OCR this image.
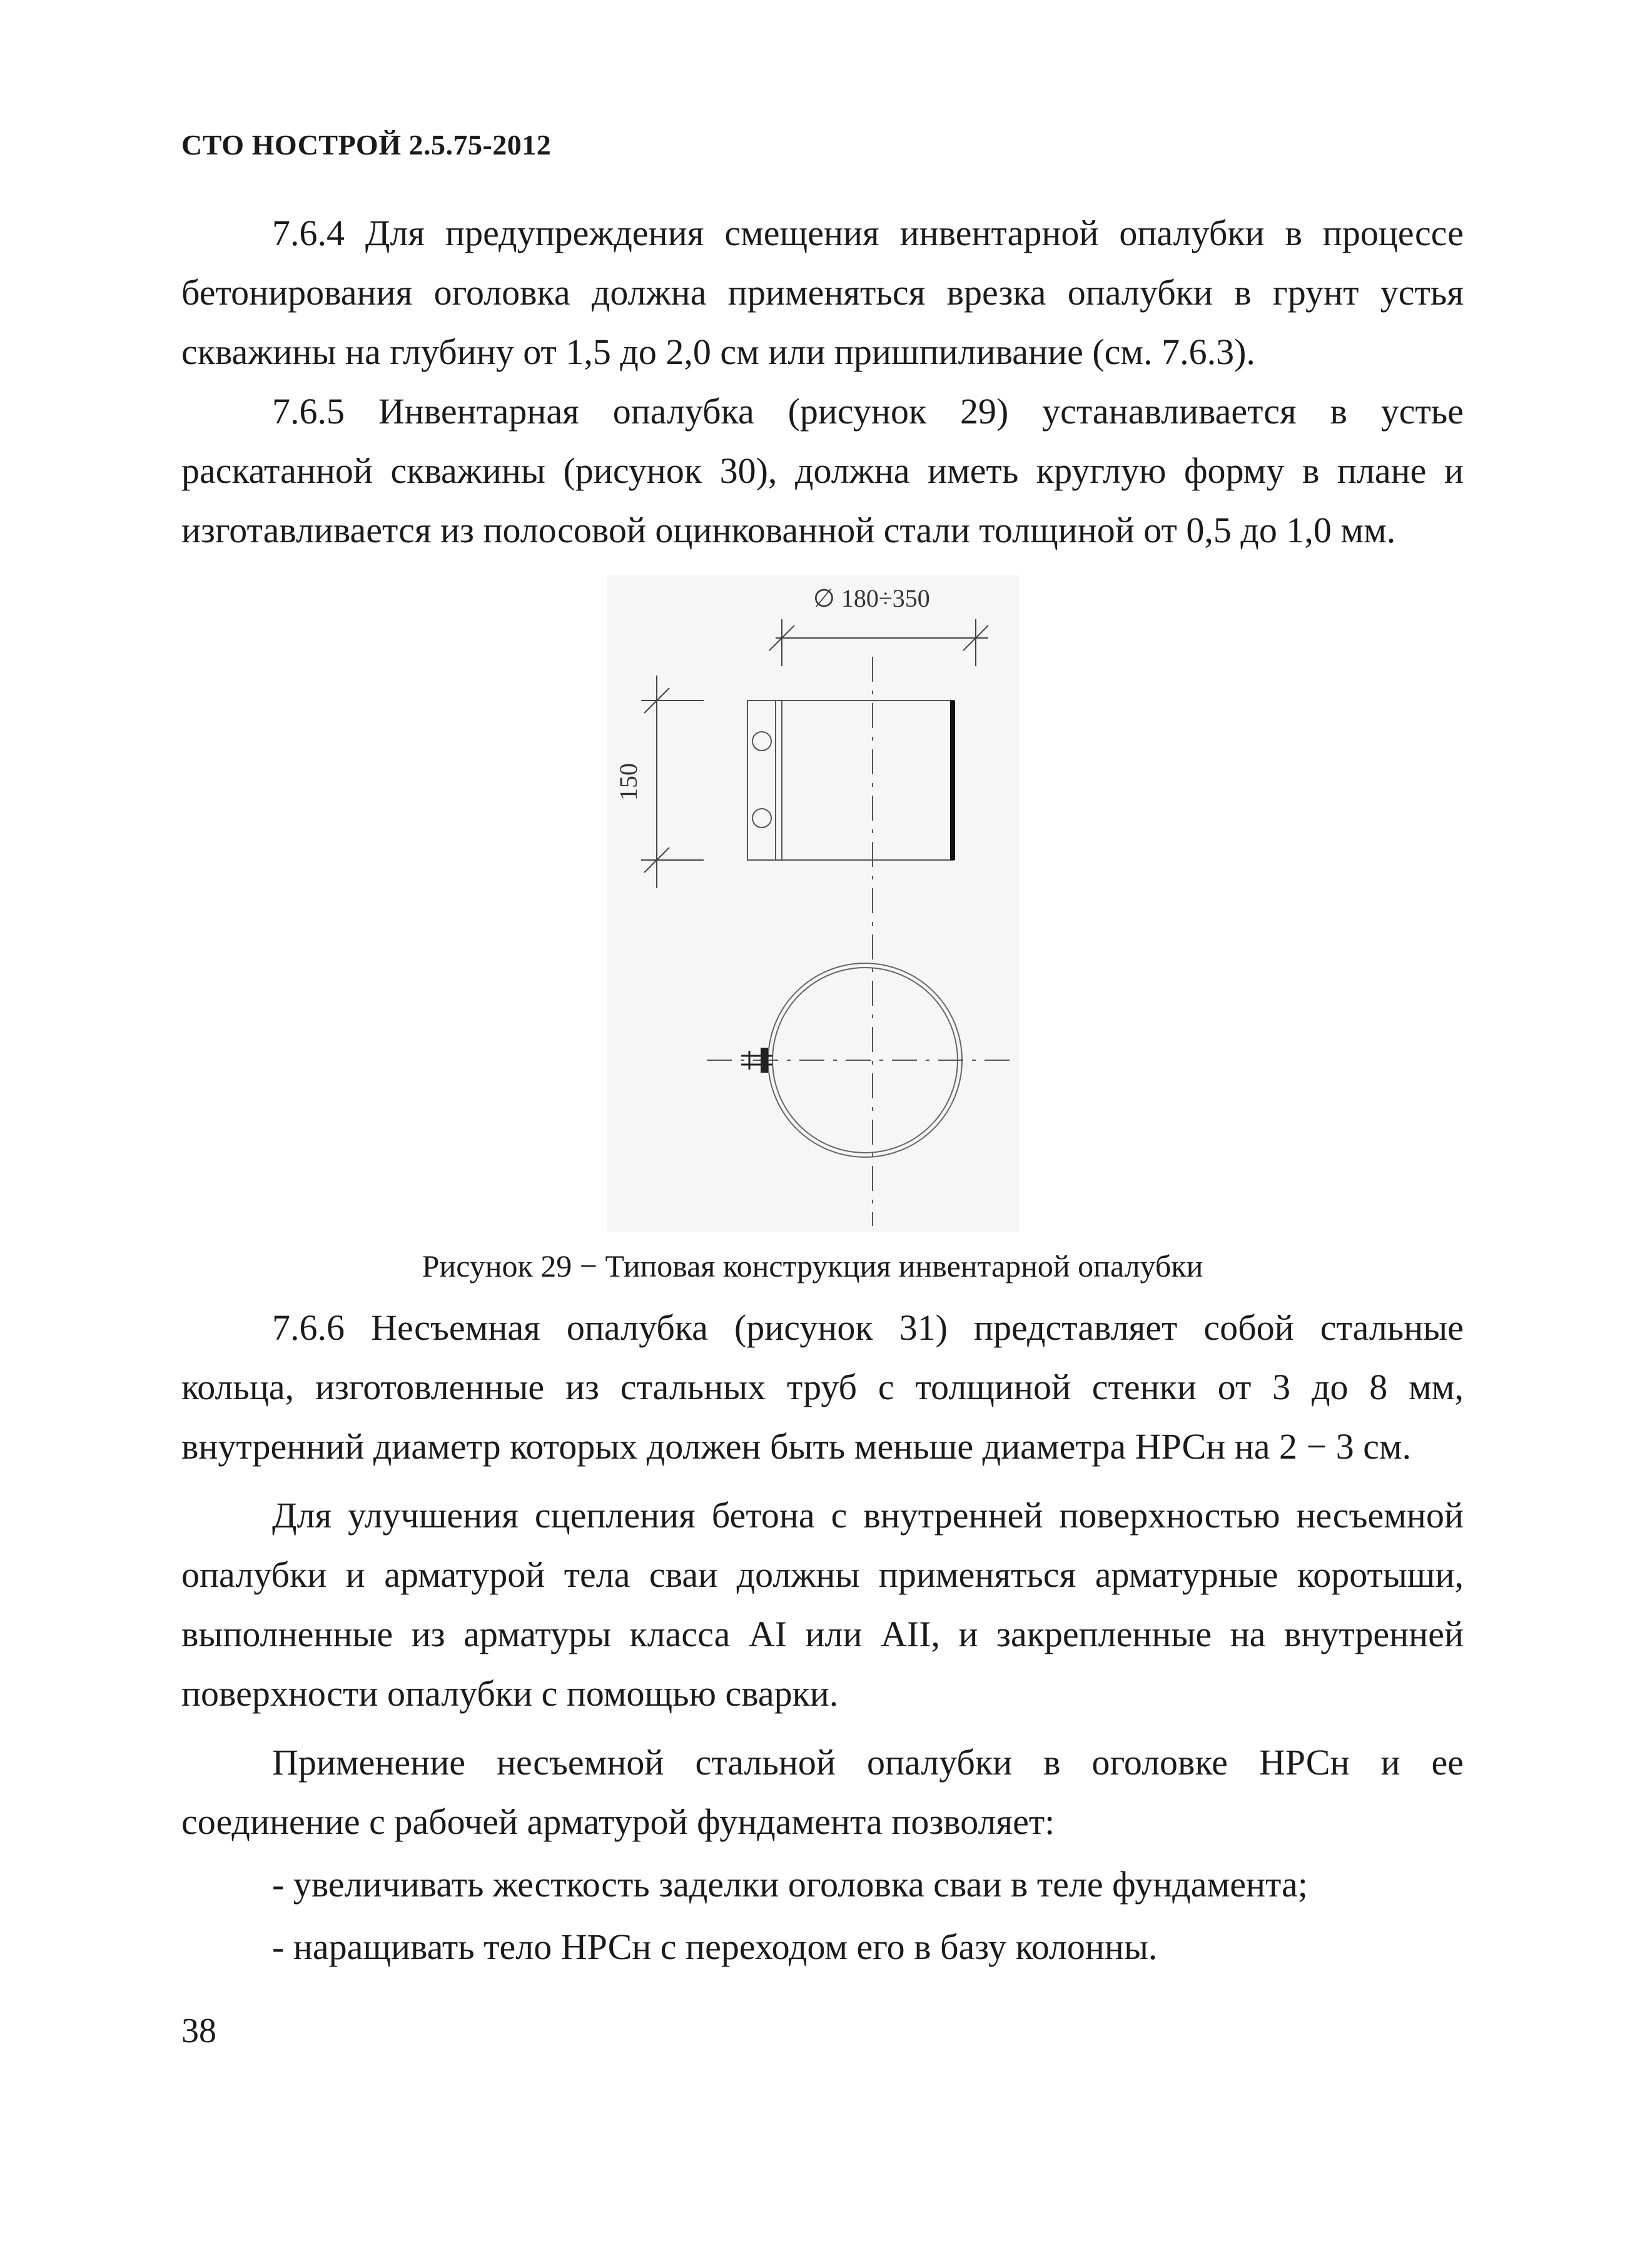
СТО НОСТРОЙ 2.5.75-2012
7.6.4 Для предупреждения смещения инвентарной опалубки в процессе бетонирования оголовка должна применяться врезка опалубки в грунт устья скважины на глубину от 1,5 до 2,0 см или пришпиливание (см. 7.6.3).
7.6.5 Инвентарная опалубка (рисунок 29) устанавливается в устье раскатанной скважины (рисунок 30), должна иметь круглую форму в плане и изготавливается из полосовой оцинкованной стали толщиной от 0,5 до 1,0 мм.
∅ 180÷350
150
Рисунок 29 − Типовая конструкция инвентарной опалубки
7.6.6 Несъемная опалубка (рисунок 31) представляет собой стальные кольца, изготовленные из стальных труб с толщиной стенки от 3 до 8 мм, внутренний диаметр которых должен быть меньше диаметра НРСн на 2 − 3 см.
Для улучшения сцепления бетона с внутренней поверхностью несъемной опалубки и арматурой тела сваи должны применяться арматурные коротыши, выполненные из арматуры класса AI или AII, и закрепленные на внутренней поверхности опалубки с помощью сварки.
Применение несъемной стальной опалубки в оголовке НРСн и ее соединение с рабочей арматурой фундамента позволяет:
- увеличивать жесткость заделки оголовка сваи в теле фундамента;
- наращивать тело НРСн с переходом его в базу колонны.
38
